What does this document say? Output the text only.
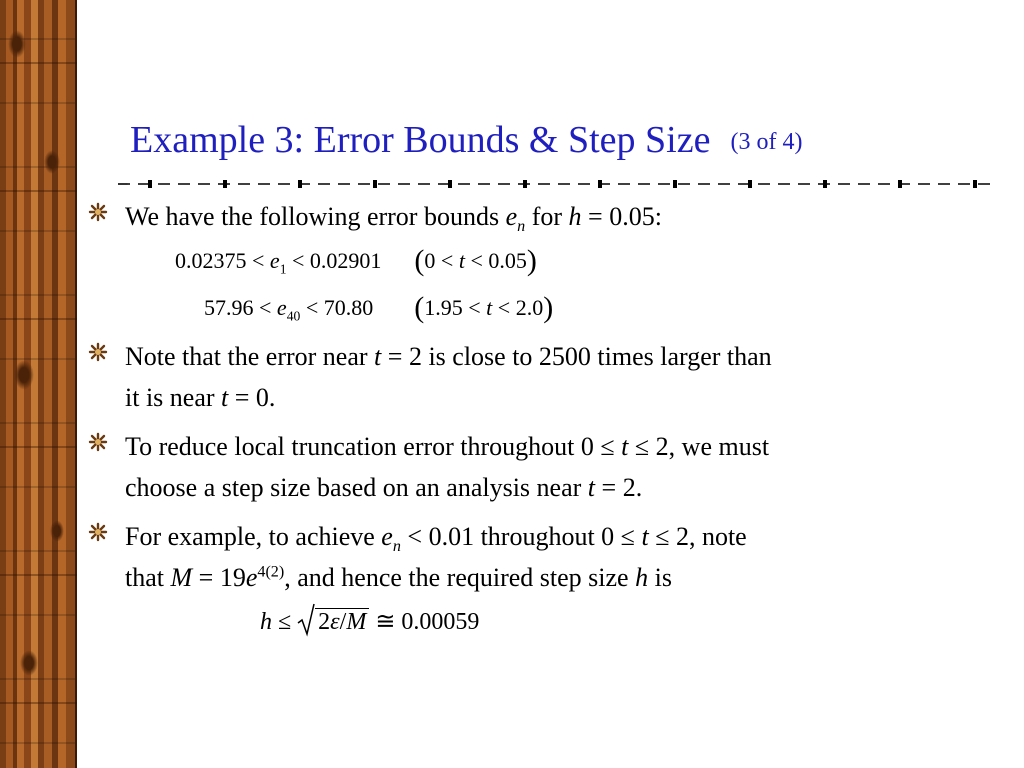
Example 3: Error Bounds & Step Size (3 of 4)
We have the following error bounds $e_n$ for h = 0.05:
$0.02375 < e_1 < 0.02901$ (0 < t < 0.05)
$57.96 < e_{40} < 70.80$ (1.95 < t < 2.0)
Note that the error near t = 2 is close to 2500 times larger than
it is near t = 0.
To reduce local truncation error throughout 0 ≤ t ≤ 2, we must
choose a step size based on an analysis near t = 2.
For example, to achieve $e_n < 0.01$ throughout 0 ≤ t ≤ 2, note
that $M = 19e^{4(2)}$, and hence the required step size h is
h ≤ 2ε/M ≅ 0.00059
